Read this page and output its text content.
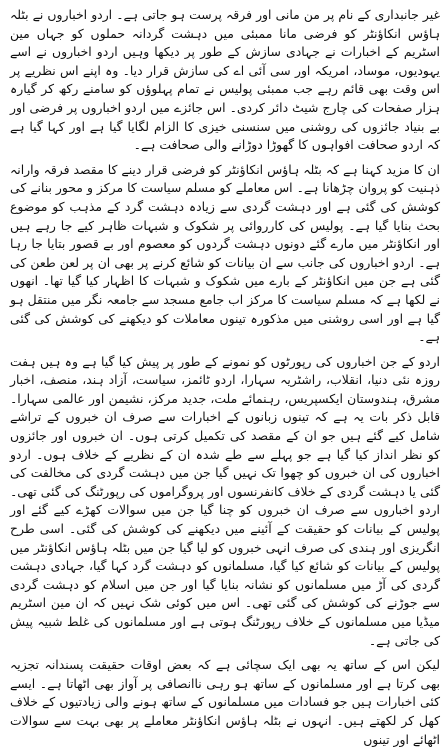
غیر جانبداری کے نام پر من مانی اور فرقہ پرست ہو جاتی ہے۔ اردو اخباروں نے بٹلہ ہاؤس انکاؤنٹر کو فرضی مانا ممبئی میں دہشت گردانہ حملوں کو جہاں مین اسٹریم کے اخبارات نے جہادی سازش کے طور پر دیکھا وہیں اردو اخباروں نے اسے یہودیوں، موساد، امریکہ اور سی آئی اے کی سازش قرار دیا۔ وہ اپنے اس نظریے پر اس وقت بھی قائم رہے جب ممبئی پولیس نے تمام پہلوؤں کو سامنے رکھ کر گیارہ ہزار صفحات کی چارج شیٹ دائر کردی۔ اس جائزے میں اردو اخباروں پر فرضی اور بے بنیاد جائزوں کی روشنی میں سنسنی خیزی کا الزام لگایا گیا ہے اور کہا گیا ہے کہ اردو صحافت افواہوں کا گھوڑا دوڑانے والی صحافت ہے۔

ان کا مزید کہنا ہے کہ بٹلہ ہاؤس انکاؤنٹر کو فرضی قرار دینے کا مقصد فرقہ وارانہ ذہنیت کو پروان چڑھانا ہے۔ اس معاملے کو مسلم سیاست کا مرکز و محور بنانے کی کوشش کی گئی ہے اور دہشت گردی سے زیادہ دہشت گرد کے مذہب کو موضوع بحث بنایا گیا ہے۔ پولیس کی کارروائی پر شکوک و شبہات ظاہر کیے جا رہے ہیں اور انکاؤنٹر میں مارے گئے دونوں دہشت گردوں کو معصوم اور بے قصور بتایا جا رہا ہے۔ اردو اخباروں کی جانب سے ان بیانات کو شائع کرنے پر بھی ان پر لعن طعن کی گئی ہے جن میں انکاؤنٹر کے بارے میں شکوک و شبہات کا اظہار کیا گیا تھا۔ انھوں نے لکھا ہے کہ مسلم سیاست کا مرکز اب جامع مسجد سے جامعہ نگر میں منتقل ہو گیا ہے اور اسی روشنی میں مذکورہ تینوں معاملات کو دیکھنے کی کوشش کی گئی ہے۔

اردو کے جن اخباروں کی رپورٹوں کو نمونے کے طور پر پیش کیا گیا ہے وہ ہیں ہفت روزہ نئی دنیا، انقلاب، راشٹریہ سہارا، اردو ٹائمز، سیاست، آزاد ہند، منصف، اخبار مشرق، ہندوستان ایکسپریس، رہنمائے ملت، جدید مرکز، نشیمن اور عالمی سہارا۔ قابل ذکر بات یہ ہے کہ تینوں زبانوں کے اخبارات سے صرف ان خبروں کے تراشے شامل کیے گئے ہیں جو ان کے مقصد کی تکمیل کرتی ہوں۔ ان خبروں اور جائزوں کو نظر انداز کیا گیا ہے جو پہلے سے طے شدہ ان کے نظریے کے خلاف ہوں۔ اردو اخباروں کی ان خبروں کو چھوا تک نہیں گیا جن میں دہشت گردی کی مخالفت کی گئی یا دہشت گردی کے خلاف کانفرنسوں اور پروگراموں کی رپورٹنگ کی گئی تھی۔ اردو اخباروں سے صرف ان خبروں کو چنا گیا جن میں سوالات کھڑے کیے گئے اور پولیس کے بیانات کو حقیقت کے آئینے میں دیکھنے کی کوشش کی گئی۔ اسی طرح انگریزی اور ہندی کی صرف انہی خبروں کو لیا گیا جن میں بٹلہ ہاؤس انکاؤنٹر میں پولیس کے بیانات کو شائع کیا گیا، مسلمانوں کو دہشت گرد کہا گیا، جہادی دہشت گردی کی آڑ میں مسلمانوں کو نشانہ بنایا گیا اور جن میں اسلام کو دہشت گردی سے جوڑنے کی کوشش کی گئی تھی۔ اس میں کوئی شک نہیں کہ ان مین اسٹریم میڈیا میں مسلمانوں کے خلاف رپورٹنگ ہوتی ہے اور مسلمانوں کی غلط شبیہ پیش کی جاتی ہے۔

لیکن اس کے ساتھ یہ بھی ایک سچائی ہے کہ بعض اوقات حقیقت پسندانہ تجزیہ بھی کرتا ہے اور مسلمانوں کے ساتھ ہو رہی ناانصافی پر آواز بھی اٹھاتا ہے۔ ایسے کئی اخبارات ہیں جو فسادات میں مسلمانوں کے ساتھ ہونے والی زیادتیوں کے خلاف کھل کر لکھتے ہیں۔ انہوں نے بٹلہ ہاؤس انکاؤنٹر معاملے پر بھی بہت سے سوالات اٹھائے اور تینوں
